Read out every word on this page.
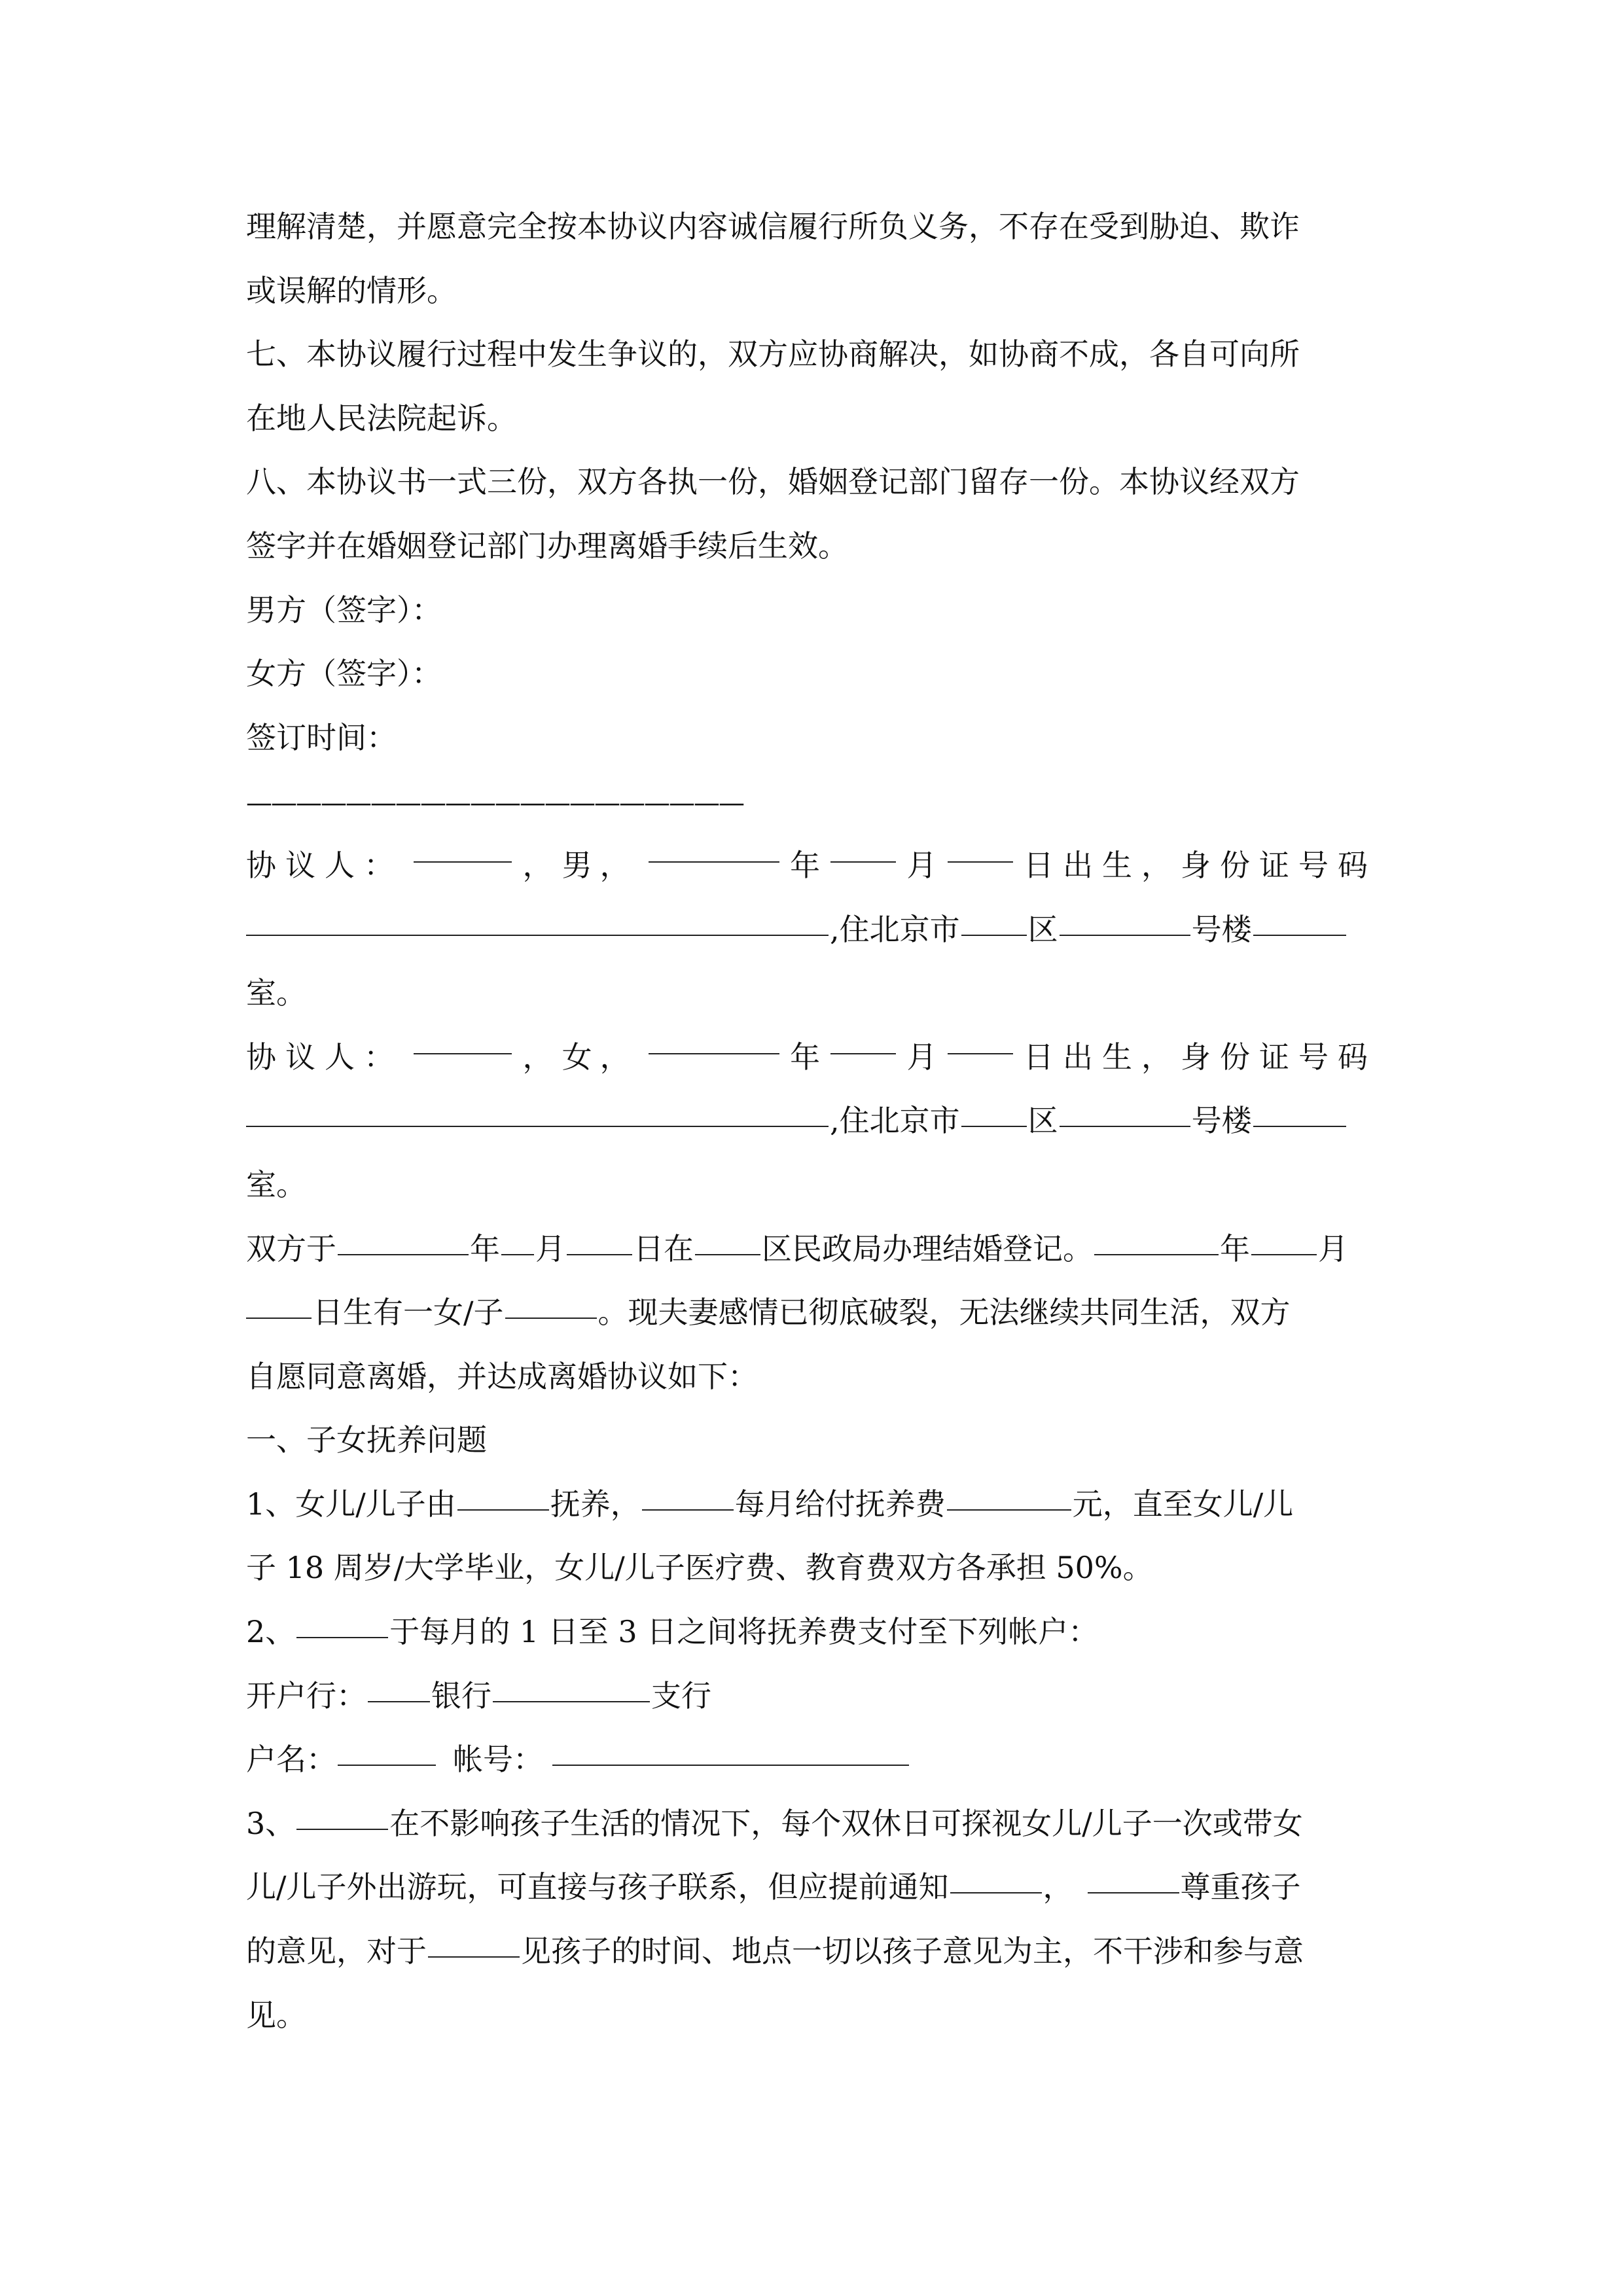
理解清楚，并愿意完全按本协议内容诚信履行所负义务，不存在受到胁迫、欺诈
或误解的情形。
七、本协议履行过程中发生争议的，双方应协商解决，如协商不成，各自可向所
在地人民法院起诉。
八、本协议书一式三份，双方各执一份，婚姻登记部门留存一份。本协议经双方
签字并在婚姻登记部门办理离婚手续后生效。
男方（签字）：
女方（签字）：
签订时间：
————————————————————
协议人：	， 男，	年	月	日出生，身份证号码
,住北京市 区	号楼
室。
协议人：	， 女，	年	月	日出生，身份证号码
,住北京市 区	号楼
室。
双方于	年 月 日在 区民政局办理结婚登记。	年 月
日生有一女/子	。现夫妻感情已彻底破裂，无法继续共同生活，双方
自愿同意离婚，并达成离婚协议如下：
一、子女抚养问题
1、女儿/儿子由	抚养，	每月给付抚养费	元，直至女儿/儿
子 18 周岁/大学毕业，女儿/儿子医疗费、教育费双方各承担 50%。
2、	于每月的 1 日至 3 日之间将抚养费支付至下列帐户：
开户行： 银行	支行
户名：	帐号：
3、	在不影响孩子生活的情况下，每个双休日可探视女儿/儿子一次或带女
儿/儿子外出游玩，可直接与孩子联系，但应提前通知	，	尊重孩子
的意见，对于	见孩子的时间、地点一切以孩子意见为主，不干涉和参与意
见。
